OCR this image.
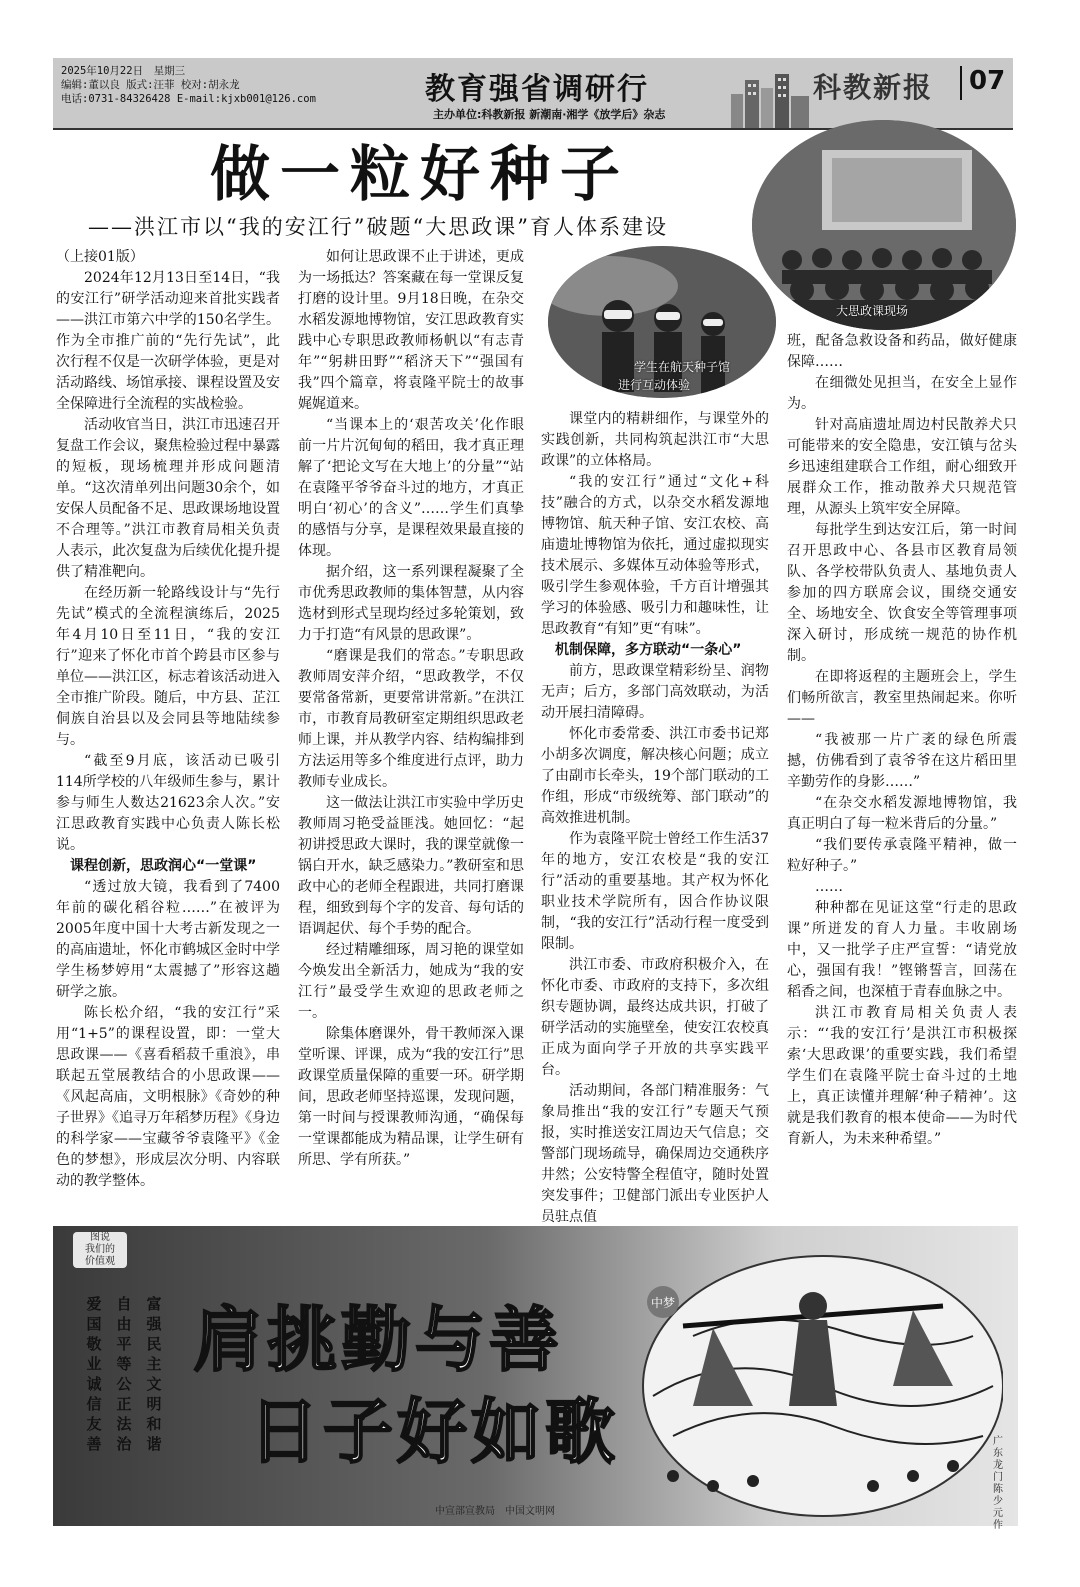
2025年10月22日　星期三
编辑:董以良 版式:汪菲 校对:胡永龙
电话:0731-84326428 E-mail:kjxb001@126.com	教育强省调研行
主办单位:科教新报 新潮南·湘学《放学后》杂志
科教新报 07
做一粒好种子
——洪江市以“我的安江行”破题“大思政课”育人体系建设
学生在航天种子馆
进行互动体验
大思政课现场

（上接01版）

2024年12月13日至14日，“我的安江行”研学活动迎来首批实践者——洪江市第六中学的150名学生。作为全市推广前的“先行先试”，此次行程不仅是一次研学体验，更是对活动路线、场馆承接、课程设置及安全保障进行全流程的实战检验。

活动收官当日，洪江市迅速召开复盘工作会议，聚焦检验过程中暴露的短板，现场梳理并形成问题清单。“这次清单列出问题30余个，如安保人员配备不足、思政课场地设置不合理等。”洪江市教育局相关负责人表示，此次复盘为后续优化提升提供了精准靶向。

在经历新一轮路线设计与“先行先试”模式的全流程演练后，2025年4月10日至11日，“我的安江行”迎来了怀化市首个跨县市区参与单位——洪江区，标志着该活动进入全市推广阶段。随后，中方县、芷江侗族自治县以及会同县等地陆续参与。

“截至9月底，该活动已吸引114所学校的八年级师生参与，累计参与师生人数达21623余人次。”安江思政教育实践中心负责人陈长松说。

课程创新，思政润心“一堂课”

“透过放大镜，我看到了7400年前的碳化稻谷粒……”在被评为2005年度中国十大考古新发现之一的高庙遗址，怀化市鹤城区金时中学学生杨梦婷用“太震撼了”形容这趟研学之旅。

陈长松介绍，“我的安江行”采用“1+5”的课程设置，即：一堂大思政课——《喜看稻菽千重浪》，串联起五堂展教结合的小思政课——《风起高庙，文明根脉》《奇妙的种子世界》《追寻万年稻梦历程》《身边的科学家——宝藏爷爷袁隆平》《金色的梦想》，形成层次分明、内容联动的教学整体。

如何让思政课不止于讲述，更成为一场抵达？答案藏在每一堂课反复打磨的设计里。9月18日晚，在杂交水稻发源地博物馆，安江思政教育实践中心专职思政教师杨帆以“有志青年”“躬耕田野”“稻济天下”“强国有我”四个篇章，将袁隆平院士的故事娓娓道来。

“当课本上的‘艰苦攻关’化作眼前一片片沉甸甸的稻田，我才真正理解了‘把论文写在大地上’的分量”“站在袁隆平爷爷奋斗过的地方，才真正明白‘初心’的含义”……学生们真挚的感悟与分享，是课程效果最直接的体现。

据介绍，这一系列课程凝聚了全市优秀思政教师的集体智慧，从内容选材到形式呈现均经过多轮策划，致力于打造“有风景的思政课”。

“磨课是我们的常态。”专职思政教师周安萍介绍，“思政教学，不仅要常备常新，更要常讲常新。”在洪江市，市教育局教研室定期组织思政老师上课，并从教学内容、结构编排到方法运用等多个维度进行点评，助力教师专业成长。

这一做法让洪江市实验中学历史教师周习艳受益匪浅。她回忆：“起初讲授思政大课时，我的课堂就像一锅白开水，缺乏感染力。”教研室和思政中心的老师全程跟进，共同打磨课程，细致到每个字的发音、每句话的语调起伏、每个手势的配合。

经过精雕细琢，周习艳的课堂如今焕发出全新活力，她成为“我的安江行”最受学生欢迎的思政老师之一。

除集体磨课外，骨干教师深入课堂听课、评课，成为“我的安江行”思政课堂质量保障的重要一环。研学期间，思政老师坚持巡课，发现问题，第一时间与授课教师沟通，“确保每一堂课都能成为精品课，让学生研有所思、学有所获。”

课堂内的精耕细作，与课堂外的实践创新，共同构筑起洪江市“大思政课”的立体格局。

“我的安江行”通过“文化+科技”融合的方式，以杂交水稻发源地博物馆、航天种子馆、安江农校、高庙遗址博物馆为依托，通过虚拟现实技术展示、多媒体互动体验等形式，吸引学生参观体验，千方百计增强其学习的体验感、吸引力和趣味性，让思政教育“有知”更“有味”。

机制保障，多方联动“一条心”

前方，思政课堂精彩纷呈、润物无声；后方，多部门高效联动，为活动开展扫清障碍。

怀化市委常委、洪江市委书记郑小胡多次调度，解决核心问题；成立了由副市长牵头，19个部门联动的工作组，形成“市级统筹、部门联动”的高效推进机制。

作为袁隆平院士曾经工作生活37年的地方，安江农校是“我的安江行”活动的重要基地。其产权为怀化职业技术学院所有，因合作协议限制，“我的安江行”活动行程一度受到限制。

洪江市委、市政府积极介入，在怀化市委、市政府的支持下，多次组织专题协调，最终达成共识，打破了研学活动的实施壁垒，使安江农校真正成为面向学子开放的共享实践平台。

活动期间，各部门精准服务：气象局推出“我的安江行”专题天气预报，实时推送安江周边天气信息；交警部门现场疏导，确保周边交通秩序井然；公安特警全程值守，随时处置突发事件；卫健部门派出专业医护人员驻点值

班，配备急救设备和药品，做好健康保障……

在细微处见担当，在安全上显作为。

针对高庙遗址周边村民散养犬只可能带来的安全隐患，安江镇与岔头乡迅速组建联合工作组，耐心细致开展群众工作，推动散养犬只规范管理，从源头上筑牢安全屏障。

每批学生到达安江后，第一时间召开思政中心、各县市区教育局领队、各学校带队负责人、基地负责人参加的四方联席会议，围绕交通安全、场地安全、饮食安全等管理事项深入研讨，形成统一规范的协作机制。

在即将返程的主题班会上，学生们畅所欲言，教室里热闹起来。你听——

“我被那一片广袤的绿色所震撼，仿佛看到了袁爷爷在这片稻田里辛勤劳作的身影……”

“在杂交水稻发源地博物馆，我真正明白了每一粒米背后的分量。”

“我们要传承袁隆平精神，做一粒好种子。”

……

种种都在见证这堂“行走的思政课”所迸发的育人力量。丰收剧场中，又一批学子庄严宣誓：“请党放心，强国有我！”铿锵誓言，回荡在稻香之间，也深植于青春血脉之中。

洪江市教育局相关负责人表示：“‘我的安江行’是洪江市积极探索‘大思政课’的重要实践，我们希望学生们在袁隆平院士奋斗过的土地上，真正读懂并理解‘种子精神’。这就是我们教育的根本使命——为时代育新人，为未来种希望。”

图说
我们的
价值观
爱国敬业诚信友善
自由平等公正法治
富强民主文明和谐
肩挑勤与善
日子好如歌
中梦
广东龙门　陈少元作
中宣部宣教局　中国文明网
